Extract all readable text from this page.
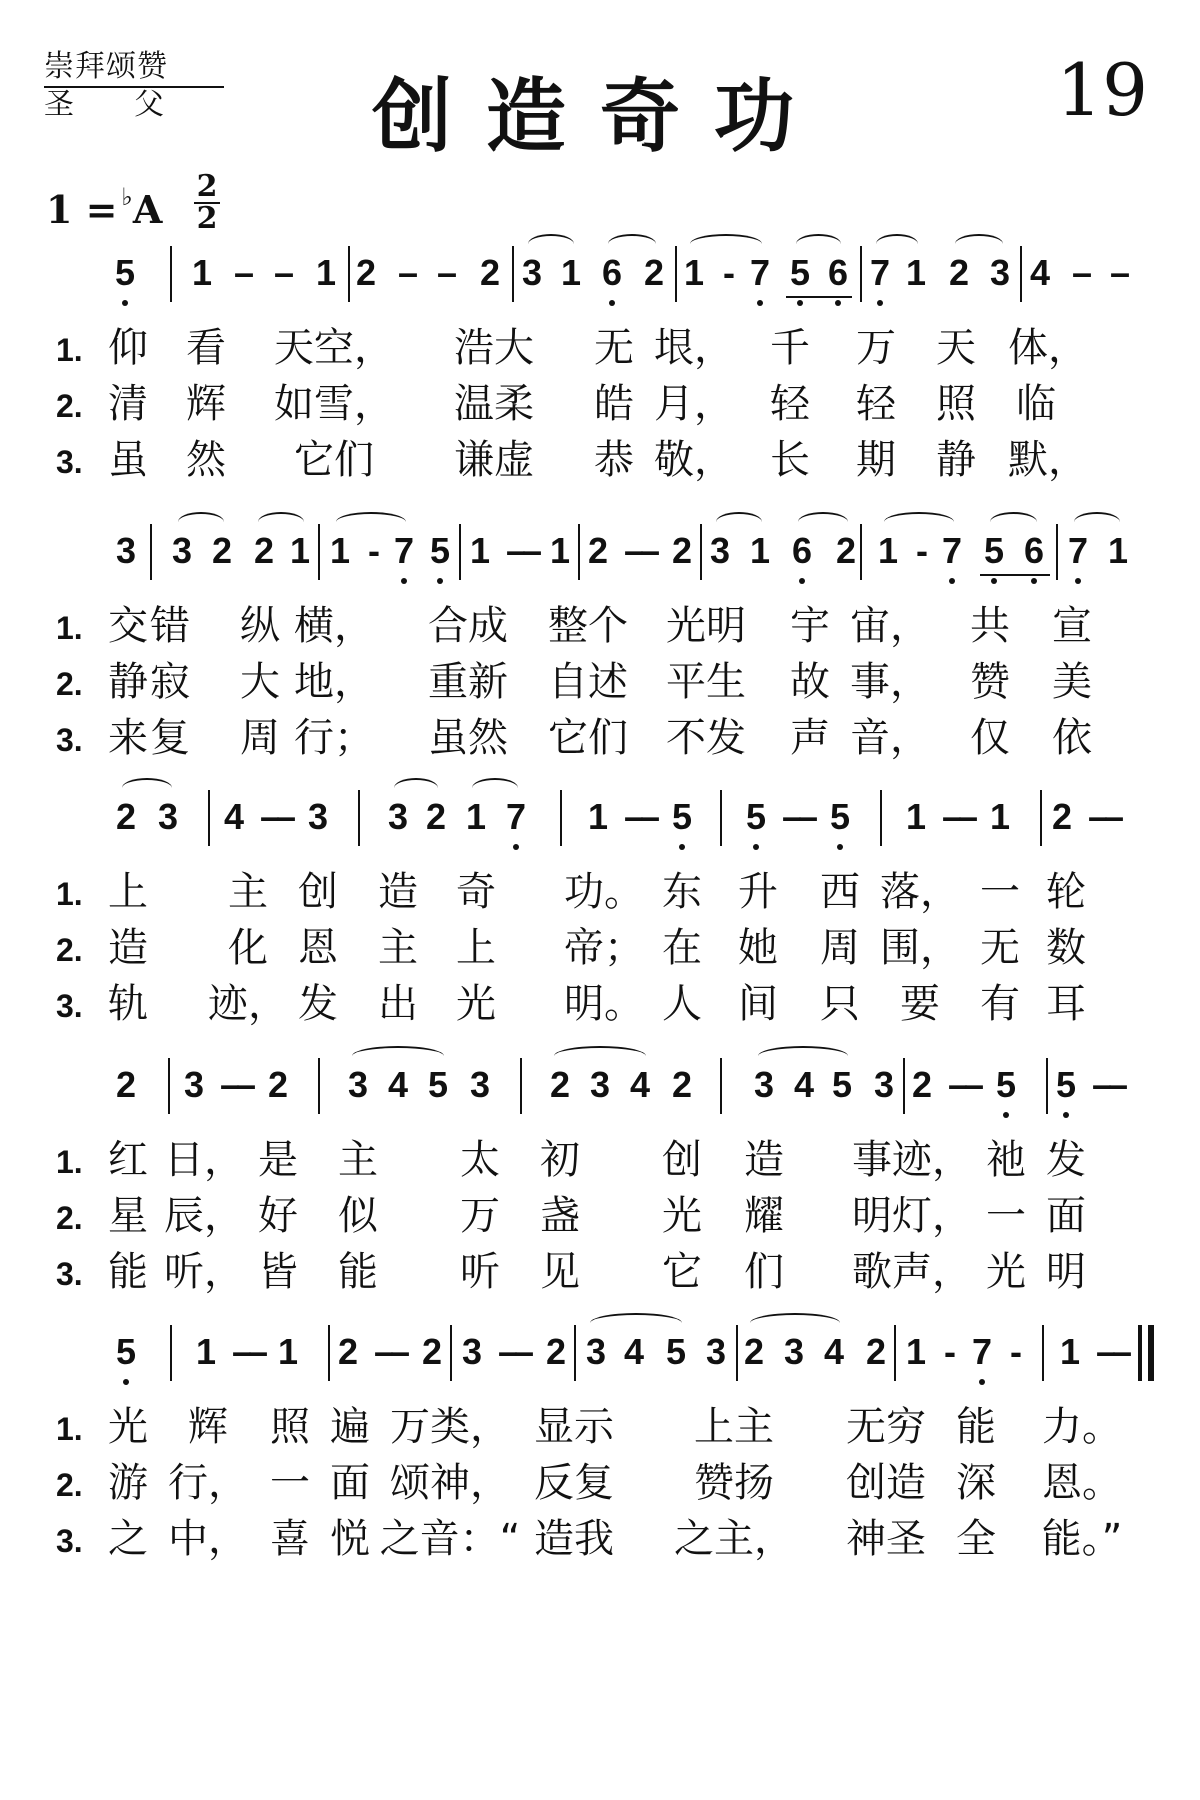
崇拜颂赞
圣父	创造奇功	19
1 = ♭A
2
2
5 1 – – 1 2 – – 2 3 1 6 2 1 - 7 5 6 7 1 2 3 4 – –
1. 仰 看 天空， 浩大 无 垠， 千 万 天 体，
2. 清 辉 如雪， 温柔 皓 月， 轻 轻 照 临
3. 虽 然 它们 谦虚 恭 敬， 长 期 静 默，
3 3 2 2 1 1 - 7 5 1 –
– 1 2 –
– 2 3 1 6 2 1 - 7 5 6 7 1
1. 交 错 纵 横， 合成 整个 光明 宇 宙， 共 宣
2. 静 寂 大 地， 重新 自述 平生 故 事， 赞 美
3. 来 复 周 行； 虽然 它们 不发 声 音， 仅 依
2 3 4 –
– 3 3 2 1 7 1 –
– 5 5 –
– 5 1 –
– 1 2 –
–
1. 上 主 创 造 奇 功。 东 升 西 落， 一 轮
2. 造 化 恩 主 上 帝； 在 她 周 围， 无 数
3. 轨 迹， 发 出 光 明。 人 间 只 要 有 耳
2 3 –
– 2 3 4 5 3 2 3 4 2 3 4 5 3 2 –
– 5 5 –
–
1. 红 日， 是 主 太 初 创 造 事迹， 祂 发
2. 星 辰， 好 似 万 盏 光 耀 明灯， 一 面
3. 能 听， 皆 能 听 见 它 们 歌声， 光 明
5 1 –
– 1 2 –
– 2 3 –
– 2 3 4 5 3 2 3 4 2 1 - 7 - 1 –
–
1. 光 辉 照 遍 万类， 显示 上主 无穷 能 力。
2. 游 行， 一 面 颂神， 反复 赞扬 创造 深 恩。
3. 之 中， 喜 悦 之音：“ 造我 之主， 神圣 全 能。”
